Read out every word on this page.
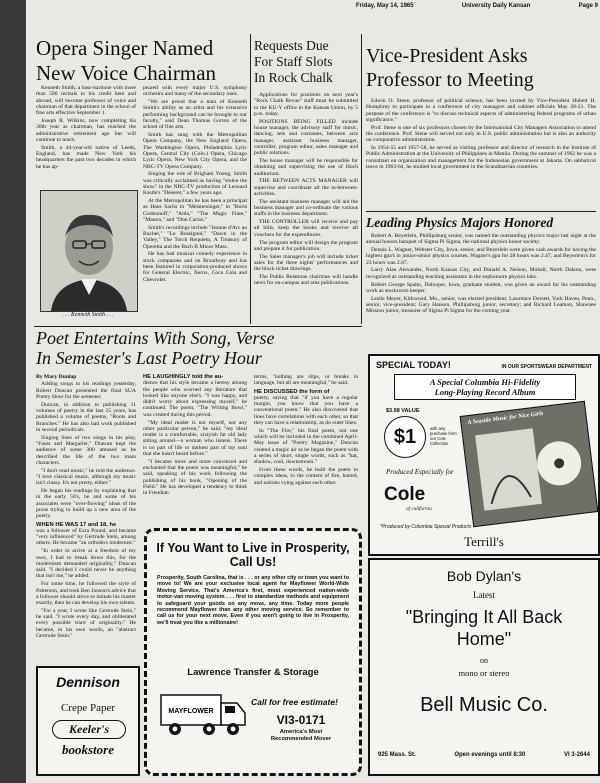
Friday, May 14, 1965	University Daily Kansan	Page 9
Opera Singer Named
New Voice Chairman

Kenneth Smith, a bass-baritone with more than 500 recitals to his credit here and abroad, will become professor of voice and chairman of that department in the school of fine arts effective September 1.

Joseph R. Wilkins, now completing his 30th year as chairman, has reached the administrative retirement age but will continue to teach.

Smith, a 44-year-old native of Leeds, England, has made New York his headquarters the past two decades in which he has ap-

peared with every major U.S. symphony orchestra and many of the secondary ones.

"We are proud that a man of Kenneth Smith's ability as an artist and his extensive performing background can be brought to our faculty," said Dean Thomas Gorton of the school of fine arts.

Smith has sung with the Metropolitan Opera Company, the New England Opera, The Washington Opera, Philadelphia Lyric Opera, Central City (Colo.) Opera, Chicago Lyric Opera, New York City Opera, and the NBC-TV Opera Company.

Singing the role of Brigham Young, Smith was critically acclaimed as having "stolen the show" in the NBC-TV production of Leonard Kastle's "Deseret," a few years ago.

At the Metropolitan he has been a principal as Hans Sachs in "Meistersinger," in "Boris Godounoff," "Aida," "The Magic Flute," "Manon," and "Don Carlos."

Smith's recordings include "Jeanne d'Arc au Bucher," "Le Rossignol," "Dawn in the Valley," The Torch Requiem, A Treasury of Operetta and the Bach B Minor Mass.

He has had musical comedy experience in stock companies and on Broadway and has been featured in corporation-produced shows for General Electric, Xerox, Coca Cola and Chevrolet.

. . . Kenneth Smith . . .
Requests Due
For Staff Slots
In Rock Chalk

Applications for positions on next year's "Rock Chalk Revue" staff must be submitted to the KU-Y office in the Kansas Union, by 5 p.m. today.

POSITIONS BEING FILLED include house manager, the advisory staff for music, dancing, sets and costumes, between acts manager, assistant business manager, controller, program editor, sales manager and public relations.

The house manager will be responsible for obtaining and supervising the use of Hoch auditorium.

THE BETWEEN ACTS MANAGER will supervise and coordinate all the in-between-activities.

The assistant business manager will aid the business manager and co-ordinate the various staffs in the business department.

THE CONTROLLER will receive and pay all bills, keep the books and receive all vouchers for the expenditures.

The program editor will design the program and prepare it for publication.

The Sales manager's job will include ticket sales for the three nights' performances and the block ticket drawings.

The Public Relations chairman will handle news for on-campus and area publications.

Vice-President Asks
Professor to Meeting

Edwin O. Stene, professor of political science, has been invited by Vice-President Hubert H. Humphrey to participate in a conference of city managers and cabinet officials May 20-21. The purpose of the conference is "to discuss technical aspects of administering federal programs of urban significance."

Prof. Stene is one of six professors chosen by the International City Managers Association to attend the conference. Prof. Stene will served not only in U.S. public administration but is also an authority on comparative administration.

In 1954-55 and 1957-58, he served as visiting professor and director of research in the Institute of Public Administration at the University of Philippines in Manila. During the summer of 1962 he was a consultant on organization and management for the Indonesian government at Jakarta. On sabbatical leave in 1963-64, he studied local government in the Scandinavian countries.

Leading Physics Majors Honored

Robert A. Beyerlein, Phillipsburg senior, was named the outstanding physics major last night at the annual honors banquet of Sigma Pi Sigma, the national physics honor society.

Dennis L. Wagner, Webster City, Iowa, senior, and Beyerlein were given cash awards for having the highest gpa's in junior-senior physics courses. Wagner's gpa for 28 hours was 2.47, and Beyerlein's for 23 hours was 2.87.

Larry Alan Alexander, North Kansas City, and Donald A. Nelson, Moball, North Dakota, were recognized as outstanding teaching assistants in the sophomore physics labs.

Robert George Spahn, Dubuque, Iowa, graduate student, was given an award for his outstanding work as stockroom keeper.

Leslie Meyer, Kirkwood, Mo., senior, was elected president; Lawrence Dorsett, York Haven, Penn., senior, vice-president; Gary Hanson, Phillipsburg junior, secretary; and Richard Leamon, Shawnee Mission junior, treasurer of Sigma Pi Sigma for the coming year.

Poet Entertains With Song, Verse
In Semester's Last Poetry Hour
By Mary Dunlap

Adding songs to his readings yesterday, Robert Duncan presented the final SUA Poetry Hour for the semester.

Duncan, in addition to publishing 11 volumes of poetry in the last 25 years, has published a volume of poems, "Roots and Branches." He has also had work published in several periodicals.

Singing lines of two songs in his play, "Faust and Margarite," Duncan kept the audience of some 300 amused as he described the life of the two main characters.

"I don't read music," he told the audience. "I love classical music, although my music isn't classy. It's not pretty, either."

He began his readings by explaining that in the early 50's, he and some of his associates were "over-flowing" ideas of the prose trying to build up a new area of the poetry.

WHEN HE WAS 17 and 18, he

was a follower of Ezra Pound, and became "very influenced" by Gertrude Stein, among others. He became "an orthodox modernist."

"In order to arrive at a freedom of my own, I had to break down this, for the modernism demanded originality," Duncan said. "I decided I could never be anything that isn't me," he added.

For some time, he followed the style of Patterson, and took Ben Jonson's advice that a follower should strive to imitate his master exactly, then he can develop his own talents.

"For a year, I wrote like Gertrude Stein," he said. "I wrote every day, and obliterated every possible trace of originality." He became, in his own words, an "abstract Gertrude Stein."

HE LAUGHINGLY told the au-

dience that his style became a heresy among the people who scorned any literature that looked like anyone else's. "I was happy, and didn't worry about expressing myself," he continued. The poem, "The Writing Bowl," was created during this period.

"My ideal reader is not myself, nor any other particular person," he said, "my ideal reader is a comfortable, sixtyish fat old lady sitting around—a woman who listens. There is no part of life or darkest part of my soul that she hasn't heard before."

"I became more and more convinced and enchanted that the poem was meaningful," he said, speaking of his work following the publishing of his book, "Opening of the Field." He has developed a tendency to think in Freudian

terms, "nothing are slips, or breaks in language, but all are meaningful," he said.

HE DISCUSSED the form of

poetry, saying that "if you have a regular margin, you know that you have a conventional poem." He also discovered that lines have correlations with each other, so that they can have a relationship, as do outer lines.

In "The Fire," his final poem, not one which will be included in the combined April-May issue of "Poetry Magazine," Duncan created a magic air as he began the poem with a series of short, single words, such as "hat, shadow, cool, downstream."

From these words, he built the poem to complex ideas, to the content of fire, hatred, and nations vying against each other.

If You Want to Live in Prosperity, Call Us!
Prosperity, South Carolina, that is . . . or any other city or town you want to move to! We are your exclusive local agent for Mayflower World-Wide Moving Service. That's America's first, most experienced nation-wide motor-van moving system . . . first to standardize methods and equipment to safeguard your goods on any move, any time. Today more people recommend Mayflower than any other moving service. So remember to call us for your next move. Even if you aren't going to live in Prosperity, we'll treat you like a millionaire!
Lawrence Transfer & Storage
MAYFLOWER
Call for free estimate!
VI3-0171
America's Most Recommended Mover
Dennison
Crepe Paper
Keeler's
bookstore
SPECIAL TODAY!	IN OUR SPORTSWEAR DEPARTMENT
A Special Columbia Hi-Fidelity
Long-Playing Record Album
$3.98 VALUE
$1	with any purchase from our Cole Collection
Produced Especially for
Cole
of california
A Seaside Music for Nice Girls
*Produced by Columbia Special Products
Terrill's
Bob Dylan's
Latest
"Bringing It All Back Home"
on
mono or stereo
Bell Music Co.
925 Mass. St.	Open evenings until 8:30	VI 3-2644
